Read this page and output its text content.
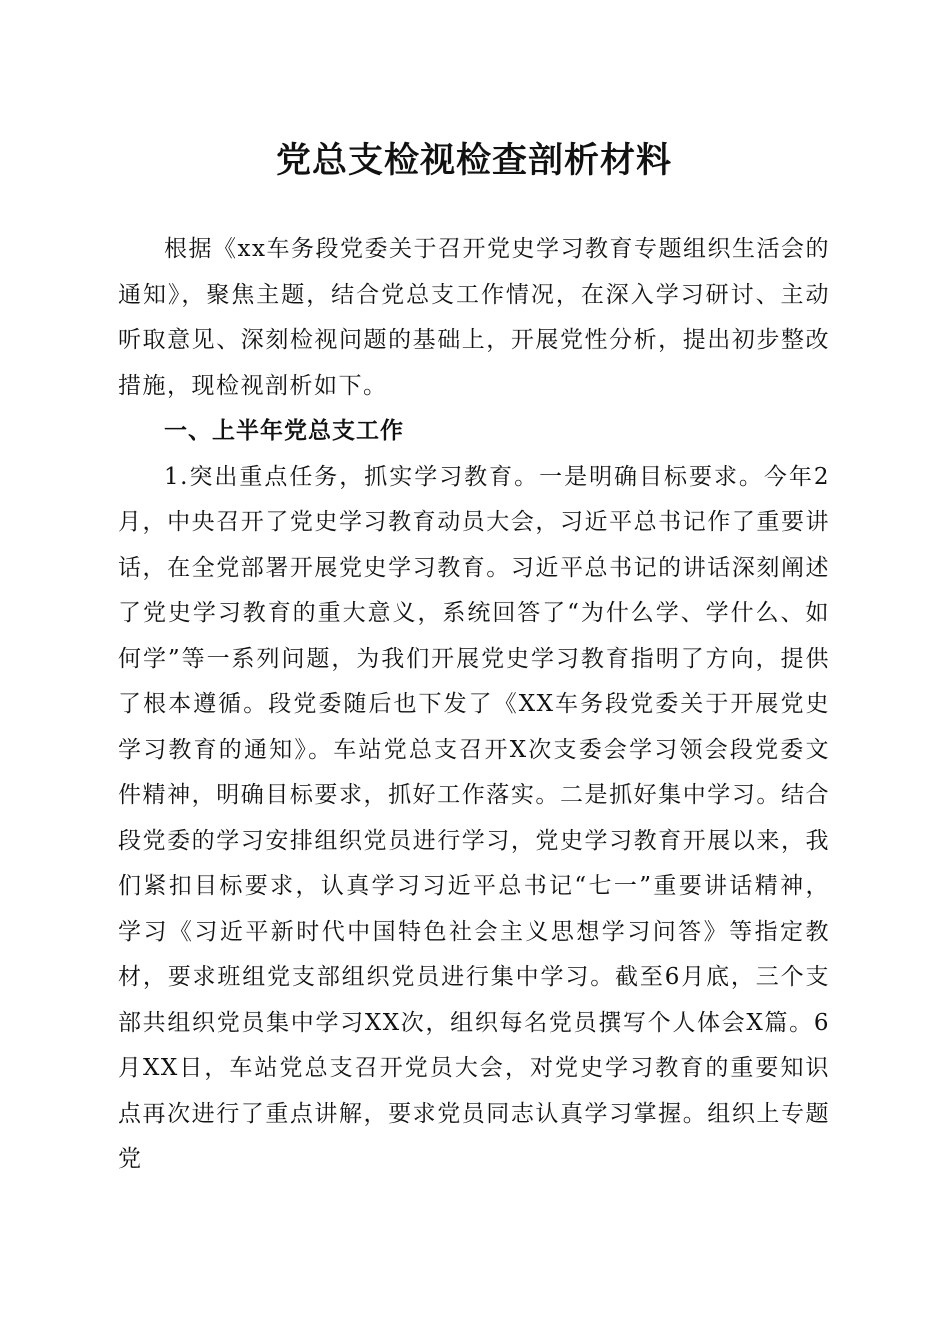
党总支检视检查剖析材料

根据《xx车务段党委关于召开党史学习教育专题组织生活会的通知》，聚焦主题，结合党总支工作情况，在深入学习研讨、主动听取意见、深刻检视问题的基础上，开展党性分析，提出初步整改措施，现检视剖析如下。

一、上半年党总支工作

1.突出重点任务，抓实学习教育。一是明确目标要求。今年2月，中央召开了党史学习教育动员大会，习近平总书记作了重要讲话，在全党部署开展党史学习教育。习近平总书记的讲话深刻阐述了党史学习教育的重大意义，系统回答了“为什么学、学什么、如何学”等一系列问题，为我们开展党史学习教育指明了方向，提供了根本遵循。段党委随后也下发了《XX车务段党委关于开展党史学习教育的通知》。车站党总支召开X次支委会学习领会段党委文件精神，明确目标要求，抓好工作落实。二是抓好集中学习。结合段党委的学习安排组织党员进行学习，党史学习教育开展以来，我们紧扣目标要求，认真学习习近平总书记“七一”重要讲话精神，学习《习近平新时代中国特色社会主义思想学习问答》等指定教材，要求班组党支部组织党员进行集中学习。截至6月底，三个支部共组织党员集中学习XX次，组织每名党员撰写个人体会X篇。6月XX日，车站党总支召开党员大会，对党史学习教育的重要知识点再次进行了重点讲解，要求党员同志认真学习掌握。组织上专题党
